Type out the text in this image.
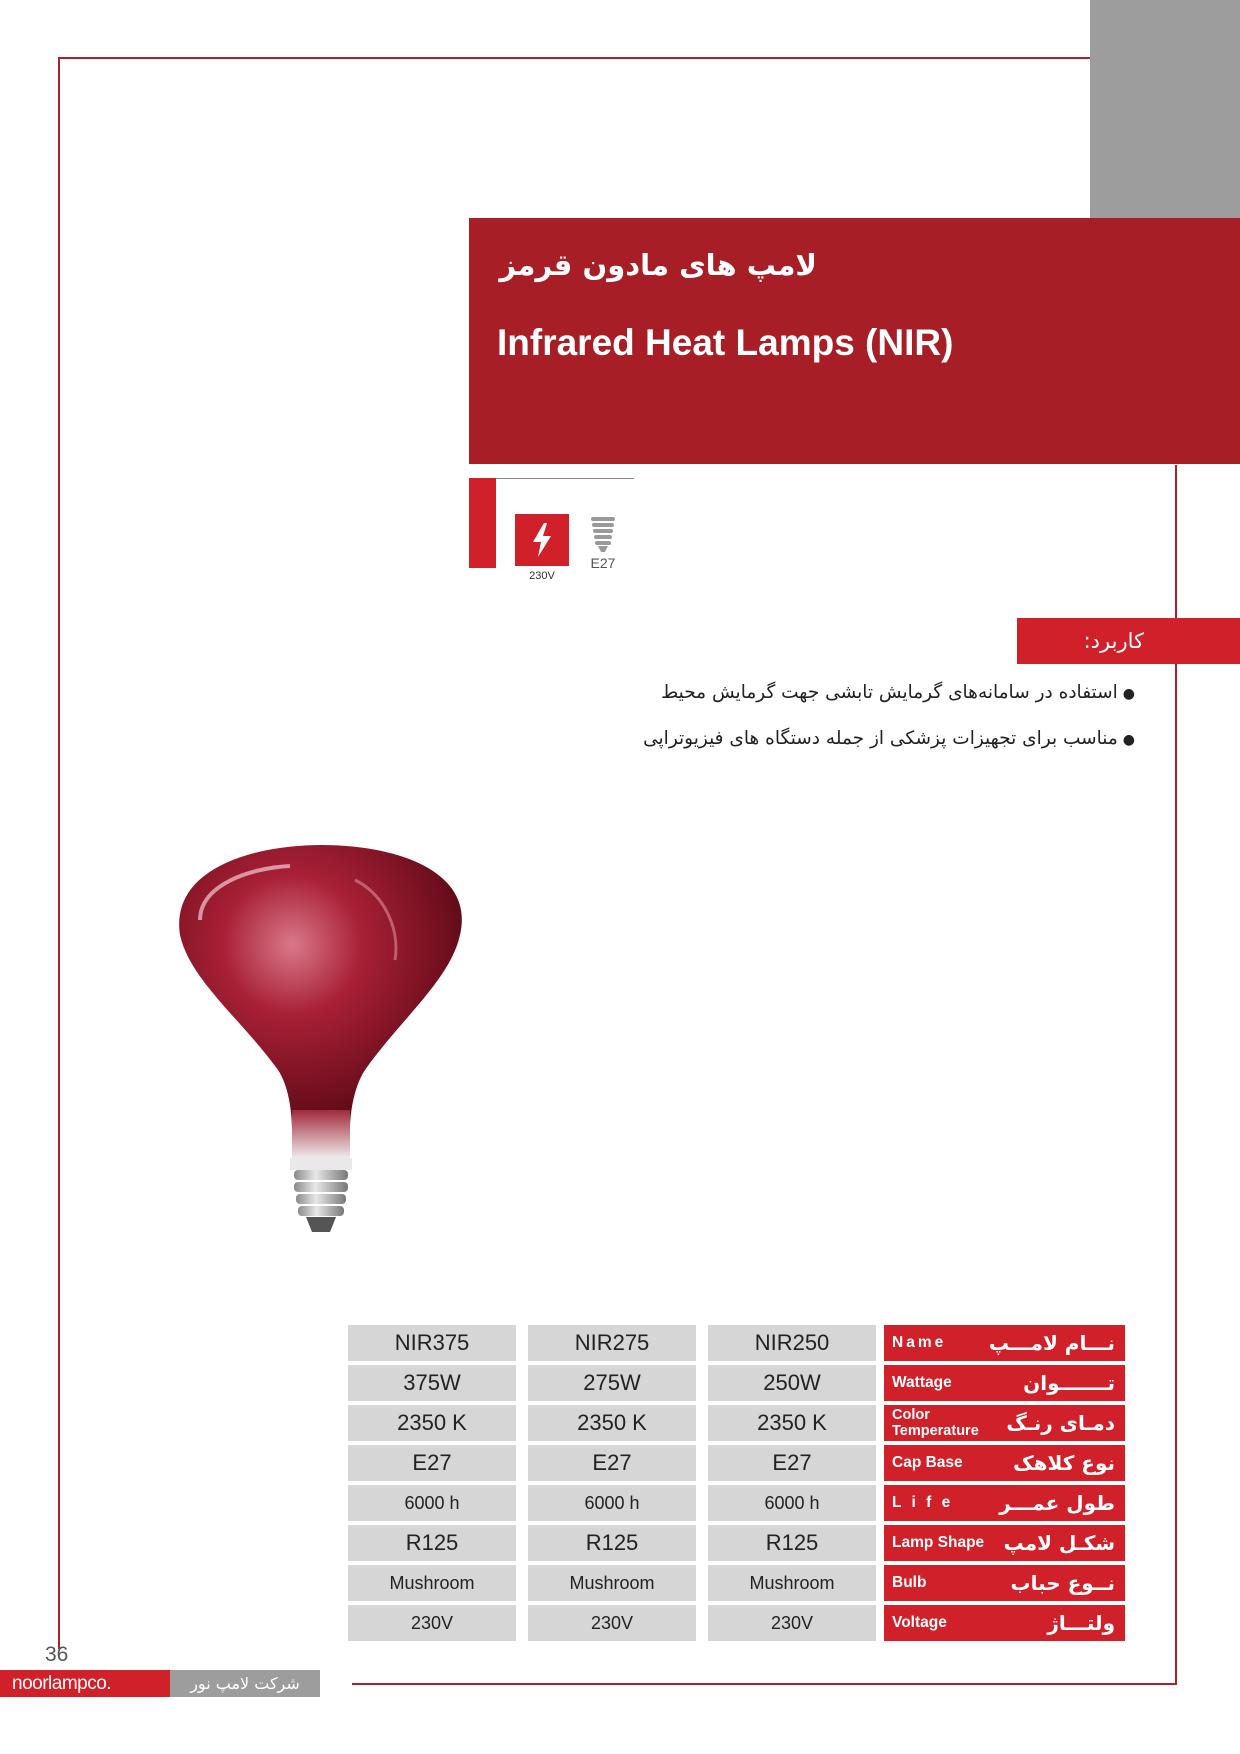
لامپ های مادون قرمز
Infrared Heat Lamps (NIR)
230V
E27
کاربرد:
●استفاده در سامانه‌های گرمایش تابشی جهت گرمایش محیط
●مناسب برای تجهیزات پزشکی از جمله دستگاه های فیزیوتراپی
NIR375	NIR275	NIR250	Name نـــام لامـــپ
375W	275W	250W	Wattage	تـــــــوان
2350 K	2350 K	2350 K	Color Temperature	دمـای رنـگ
E27	E27	E27	Cap Base	نوع کلاهک
6000 h	6000 h	6000 h	L i f e طول عمـــر
R125	R125	R125	Lamp Shape شکـل لامپ
Mushroom	Mushroom	Mushroom	Bulb	نــوع حباب
230V	230V	230V	Voltage	ولتـــاژ
36
noorlampco.	شرکت لامپ نور
